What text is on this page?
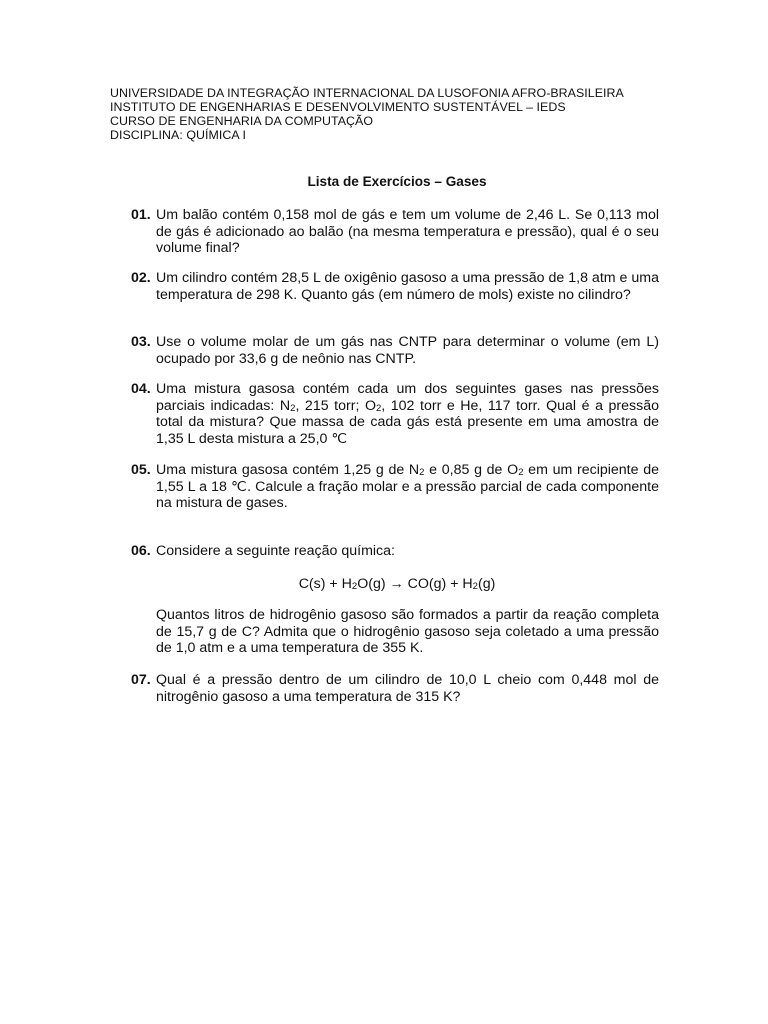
UNIVERSIDADE DA INTEGRAÇÃO INTERNACIONAL DA LUSOFONIA AFRO-BRASILEIRA
INSTITUTO DE ENGENHARIAS E DESENVOLVIMENTO SUSTENTÁVEL – IEDS
CURSO DE ENGENHARIA DA COMPUTAÇÃO
DISCIPLINA: QUÍMICA I
Lista de Exercícios – Gases
01. Um balão contém 0,158 mol de gás e tem um volume de 2,46 L. Se 0,113 mol de gás é adicionado ao balão (na mesma temperatura e pressão), qual é o seu volume final?
02. Um cilindro contém 28,5 L de oxigênio gasoso a uma pressão de 1,8 atm e uma temperatura de 298 K. Quanto gás (em número de mols) existe no cilindro?
03. Use o volume molar de um gás nas CNTP para determinar o volume (em L) ocupado por 33,6 g de neônio nas CNTP.
04. Uma mistura gasosa contém cada um dos seguintes gases nas pressões parciais indicadas: $N_2$, 215 torr; $O_2$, 102 torr e He, 117 torr. Qual é a pressão total da mistura? Que massa de cada gás está presente em uma amostra de 1,35 L desta mistura a 25,0 ℃
05. Uma mistura gasosa contém 1,25 g de $N_2$ e 0,85 g de $O_2$ em um recipiente de 1,55 L a 18 ℃. Calcule a fração molar e a pressão parcial de cada componente na mistura de gases.
06. Considere a seguinte reação química:
$C(s) + H_2O(g) \to CO(g) + H_2(g)$
Quantos litros de hidrogênio gasoso são formados a partir da reação completa de 15,7 g de C? Admita que o hidrogênio gasoso seja coletado a uma pressão de 1,0 atm e a uma temperatura de 355 K.
07. Qual é a pressão dentro de um cilindro de 10,0 L cheio com 0,448 mol de nitrogênio gasoso a uma temperatura de 315 K?
